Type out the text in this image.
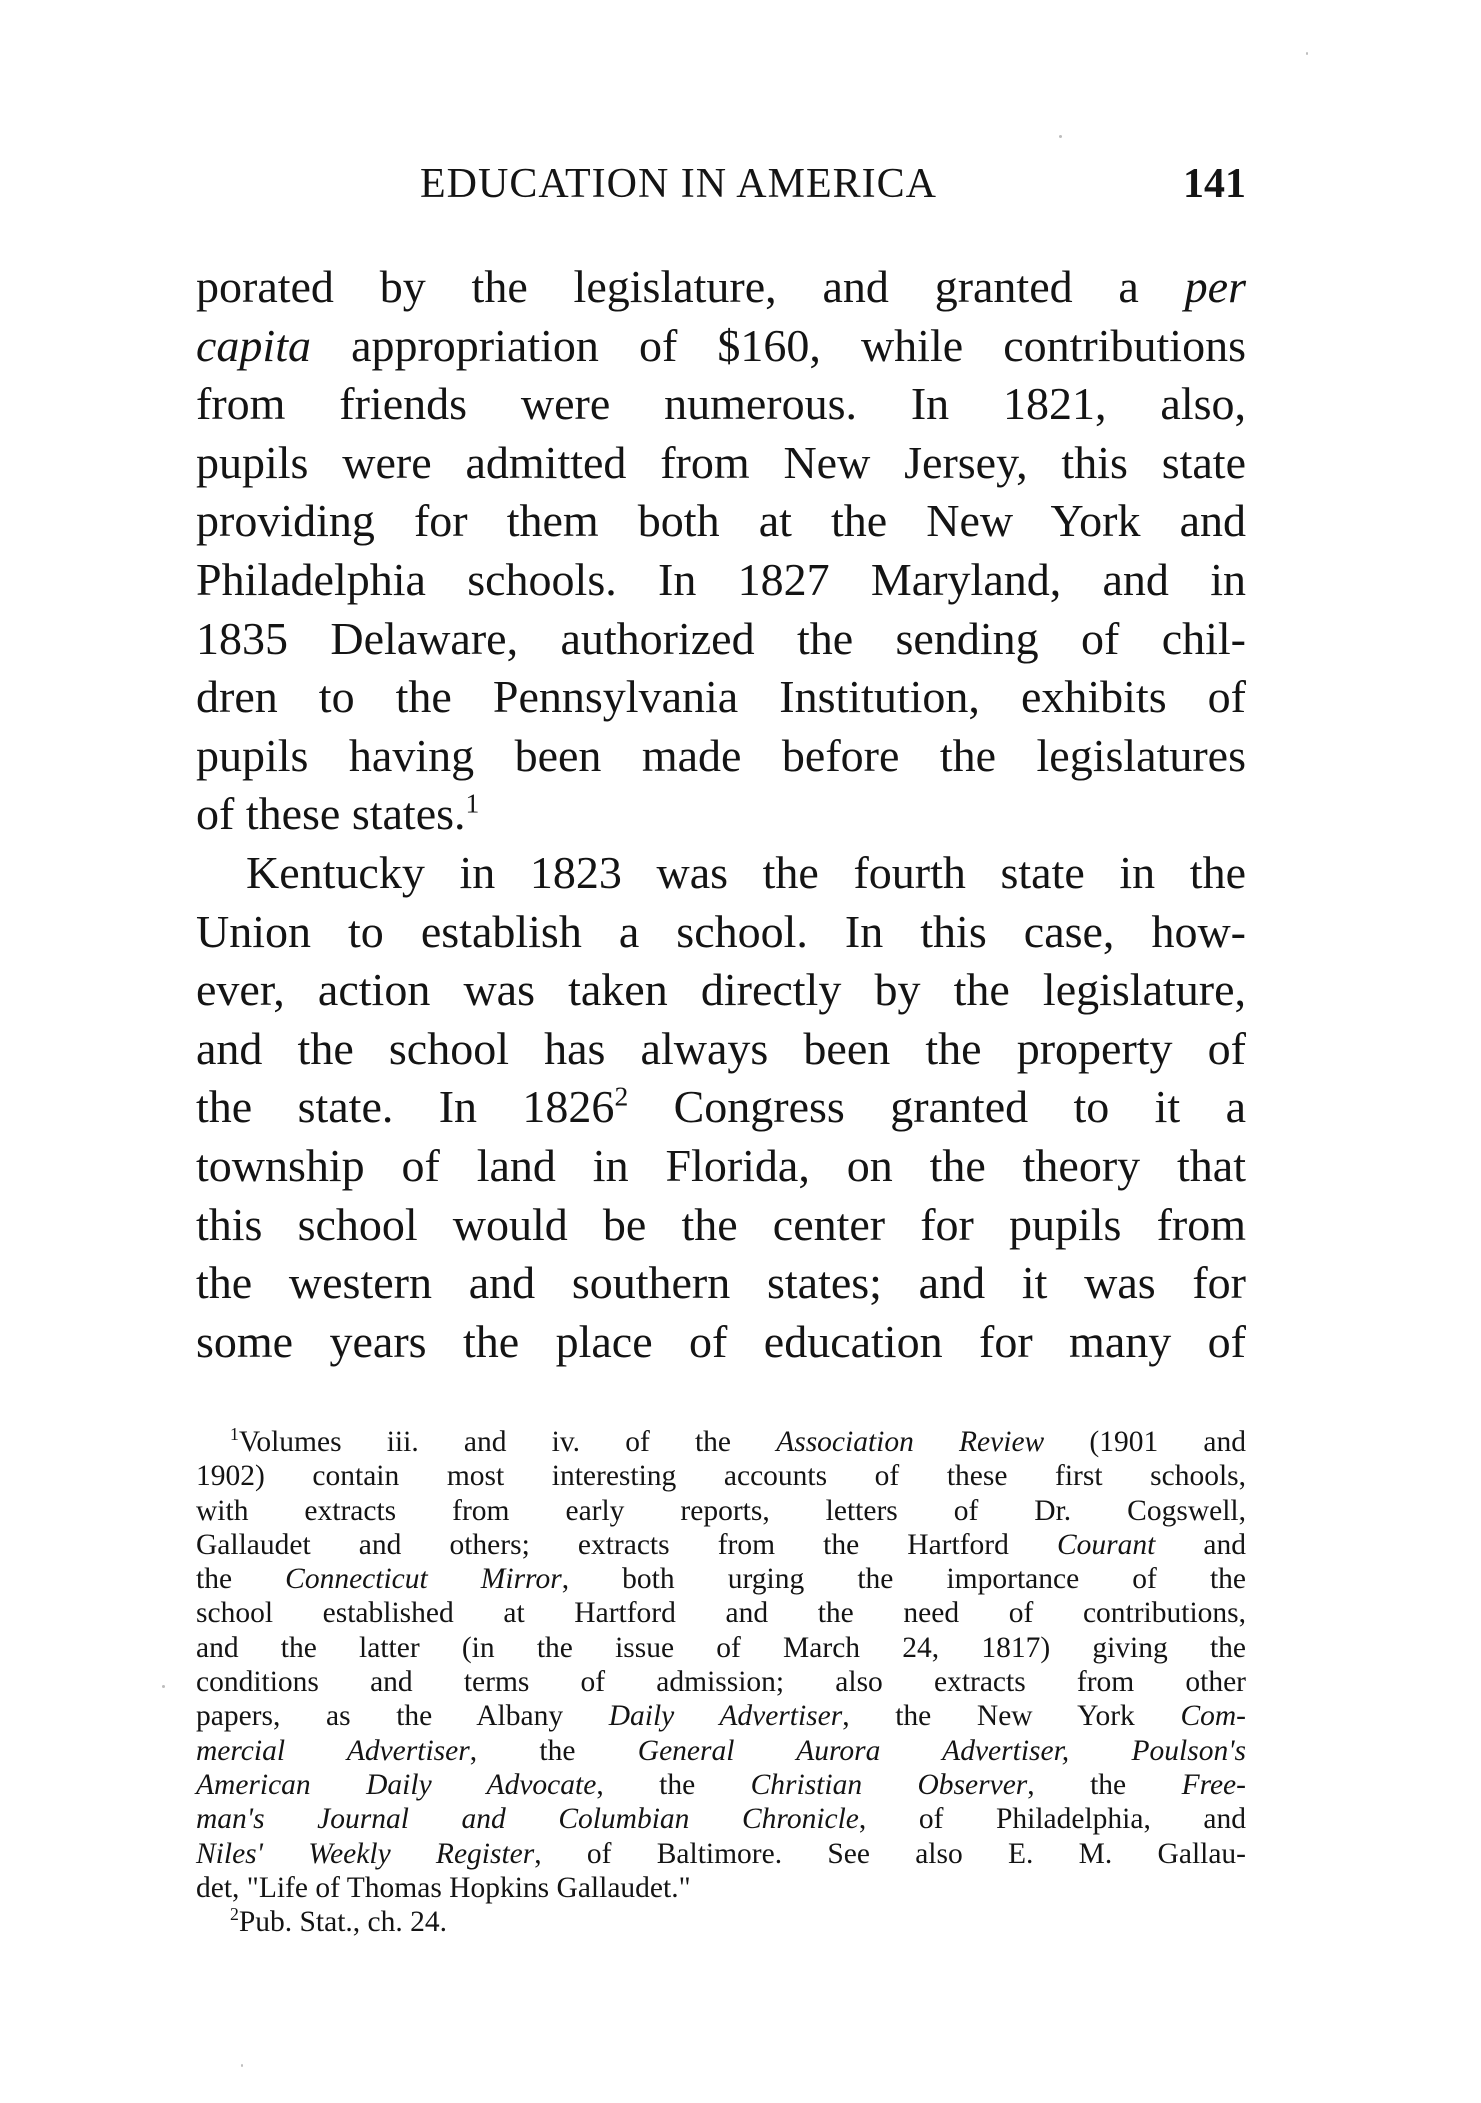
EDUCATION IN AMERICA	141
porated by the legislature, and granted a per
capita appropriation of $160, while contributions
from friends were numerous. In 1821, also,
pupils were admitted from New Jersey, this state
providing for them both at the New York and
Philadelphia schools. In 1827 Maryland, and in
1835 Delaware, authorized the sending of chil-
dren to the Pennsylvania Institution, exhibits of
pupils having been made before the legislatures
of these states.$^1$
Kentucky in 1823 was the fourth state in the
Union to establish a school. In this case, how-
ever, action was taken directly by the legislature,
and the school has always been the property of
the state. In 1826$^2$ Congress granted to it a
township of land in Florida, on the theory that
this school would be the center for pupils from
the western and southern states; and it was for
some years the place of education for many of
$^1$Volumes iii. and iv. of the Association Review (1901 and
1902) contain most interesting accounts of these first schools,
with extracts from early reports, letters of Dr. Cogswell,
Gallaudet and others; extracts from the Hartford Courant and
the Connecticut Mirror, both urging the importance of the
school established at Hartford and the need of contributions,
and the latter (in the issue of March 24, 1817) giving the
conditions and terms of admission; also extracts from other
papers, as the Albany Daily Advertiser, the New York Com-
mercial Advertiser, the General Aurora Advertiser, Poulson's
American Daily Advocate, the Christian Observer, the Free-
man's Journal and Columbian Chronicle, of Philadelphia, and
Niles' Weekly Register, of Baltimore. See also E. M. Gallau-
det, "Life of Thomas Hopkins Gallaudet."
$^2$Pub. Stat., ch. 24.
